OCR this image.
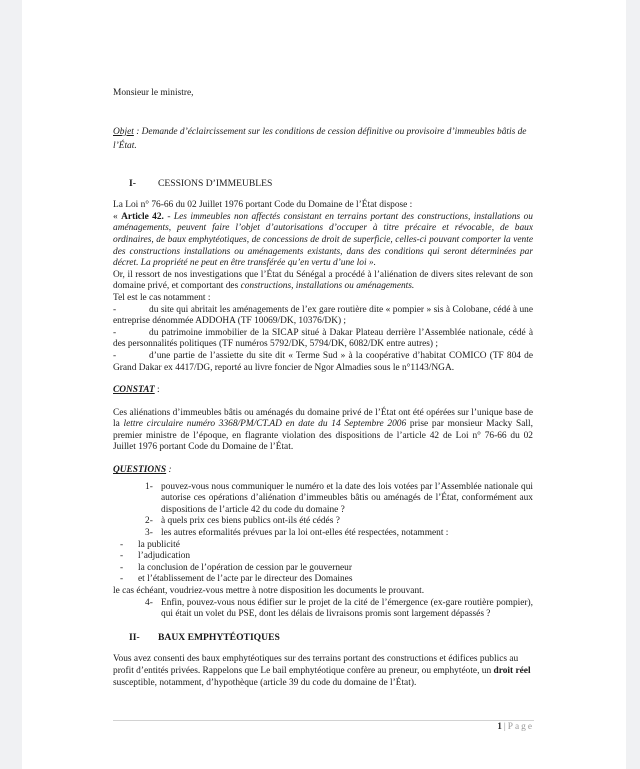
Monsieur le ministre,

Objet : Demande d’éclaircissement sur les conditions de cession définitive ou provisoire d’immeubles bâtis de l’État.

I-	CESSIONS D’IMMEUBLES

La Loi n° 76-66 du 02 Juillet 1976 portant Code du Domaine de l’État dispose :

« Article 42. - Les immeubles non affectés consistant en terrains portant des constructions, installations ou aménagements, peuvent faire l’objet d’autorisations d’occuper à titre précaire et révocable, de baux ordinaires, de baux emphytéotiques, de concessions de droit de superficie, celles-ci pouvant comporter la vente des constructions installations ou aménagements existants, dans des conditions qui seront déterminées par décret. La propriété ne peut en être transférée qu’en vertu d’une loi ».

Or, il ressort de nos investigations que l’État du Sénégal a procédé à l’aliénation de divers sites relevant de son domaine privé, et comportant des constructions, installations ou aménagements.

Tel est le cas notamment :

-	du site qui abritait les aménagements de l’ex gare routière dite « pompier » sis à Colobane, cédé à une entreprise dénommée ADDOHA (TF 10069/DK, 10376/DK) ;

-	du patrimoine immobilier de la SICAP situé à Dakar Plateau derrière l’Assemblée nationale, cédé à des personnalités politiques (TF numéros 5792/DK, 5794/DK, 6082/DK entre autres) ;

-	d’une partie de l’assiette du site dit « Terme Sud » à la coopérative d’habitat COMICO (TF 804 de Grand Dakar ex 4417/DG, reporté au livre foncier de Ngor Almadies sous le n°1143/NGA.

CONSTAT :

Ces aliénations d’immeubles bâtis ou aménagés du domaine privé de l’État ont été opérées sur l’unique base de la lettre circulaire numéro 3368/PM/CT.AD en date du 14 Septembre 2006 prise par monsieur Macky Sall, premier ministre de l’époque, en flagrante violation des dispositions de l’article 42 de Loi n° 76-66 du 02 Juillet 1976 portant Code du Domaine de l’État.

QUESTIONS :

1- pouvez-vous nous communiquer le numéro et la date des lois votées par l’Assemblée nationale qui autorise ces opérations d’aliénation d’immeubles bâtis ou aménagés de l’État, conformément aux dispositions de l’article 42 du code du domaine ?
2- à quels prix ces biens publics ont-ils été cédés ?
3- les autres eformalités prévues par la loi ont-elles été respectées, notamment :
-	la publicité
-	l’adjudication
-	la conclusion de l’opération de cession par le gouverneur
-	et l’établissement de l’acte par le directeur des Domaines

le cas échéant, voudriez-vous mettre à notre disposition les documents le prouvant.

4- Enfin, pouvez-vous nous édifier sur le projet de la cité de l’émergence (ex-gare routière pompier), qui était un volet du PSE, dont les délais de livraisons promis sont largement dépassés ?
II-	BAUX EMPHYTÉOTIQUES

Vous avez consenti des baux emphytéotiques sur des terrains portant des constructions et édifices publics au profit d’entités privées. Rappelons que Le bail emphytéotique confère au preneur, ou emphytéote, un droit réel susceptible, notamment, d’hypothèque (article 39 du code du domaine de l’État).

1 | Page
